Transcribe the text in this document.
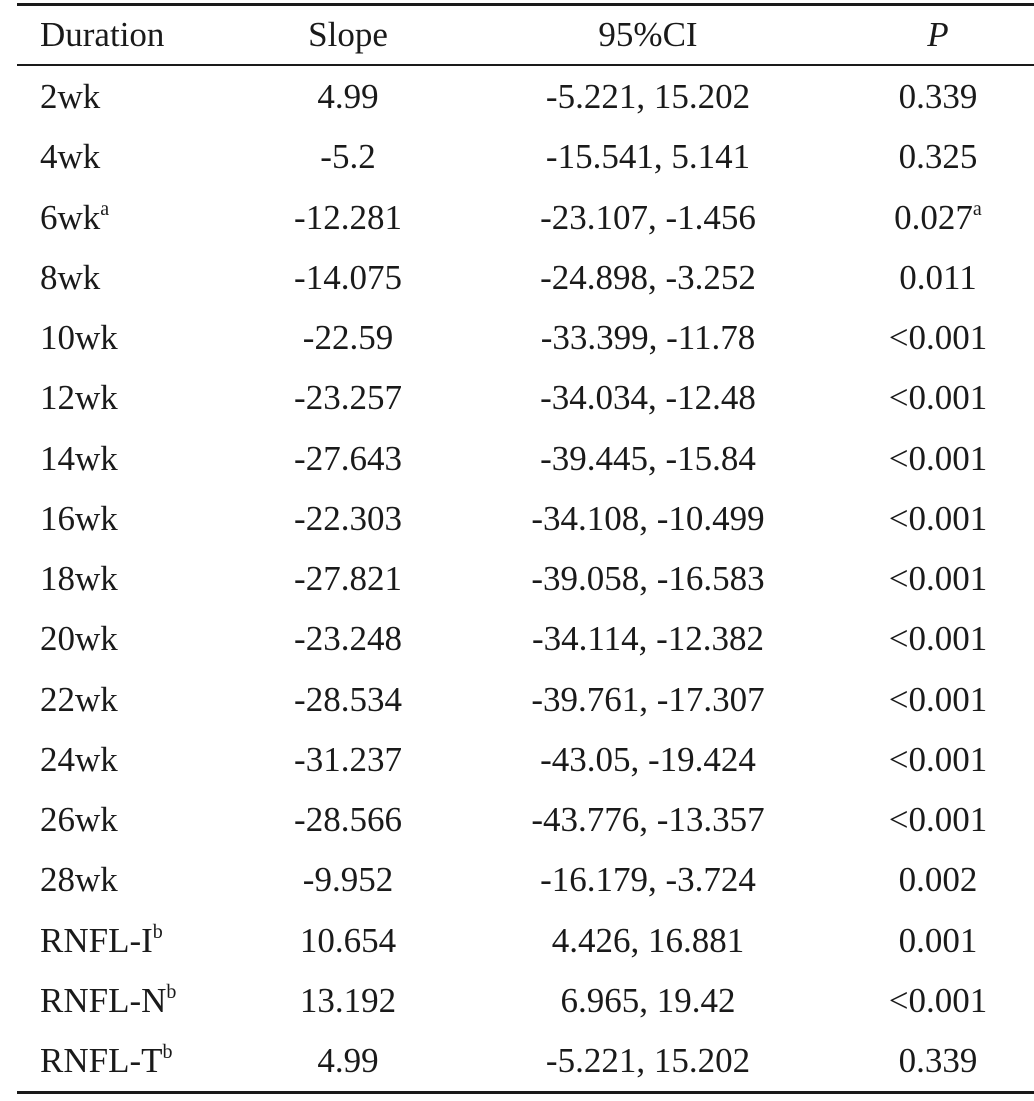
Duration	Slope	95%CI	P
2wk	4.99	-5.221, 15.202	0.339
4wk	-5.2	-15.541, 5.141	0.325
$6wk^a$	-12.281	-23.107, -1.456	0.027$^a$
8wk	-14.075	-24.898, -3.252	0.011
10wk	-22.59	-33.399, -11.78	<0.001
12wk	-23.257	-34.034, -12.48	<0.001
14wk	-27.643	-39.445, -15.84	<0.001
16wk	-22.303	-34.108, -10.499	<0.001
18wk	-27.821	-39.058, -16.583	<0.001
20wk	-23.248	-34.114, -12.382	<0.001
22wk	-28.534	-39.761, -17.307	<0.001
24wk	-31.237	-43.05, -19.424	<0.001
26wk	-28.566	-43.776, -13.357	<0.001
28wk	-9.952	-16.179, -3.724	0.002
RNFL-$I^b$	10.654	4.426, 16.881	0.001
RNFL-$N^b$	13.192	6.965, 19.42	<0.001
RNFL-$T^b$	4.99	-5.221, 15.202	0.339
